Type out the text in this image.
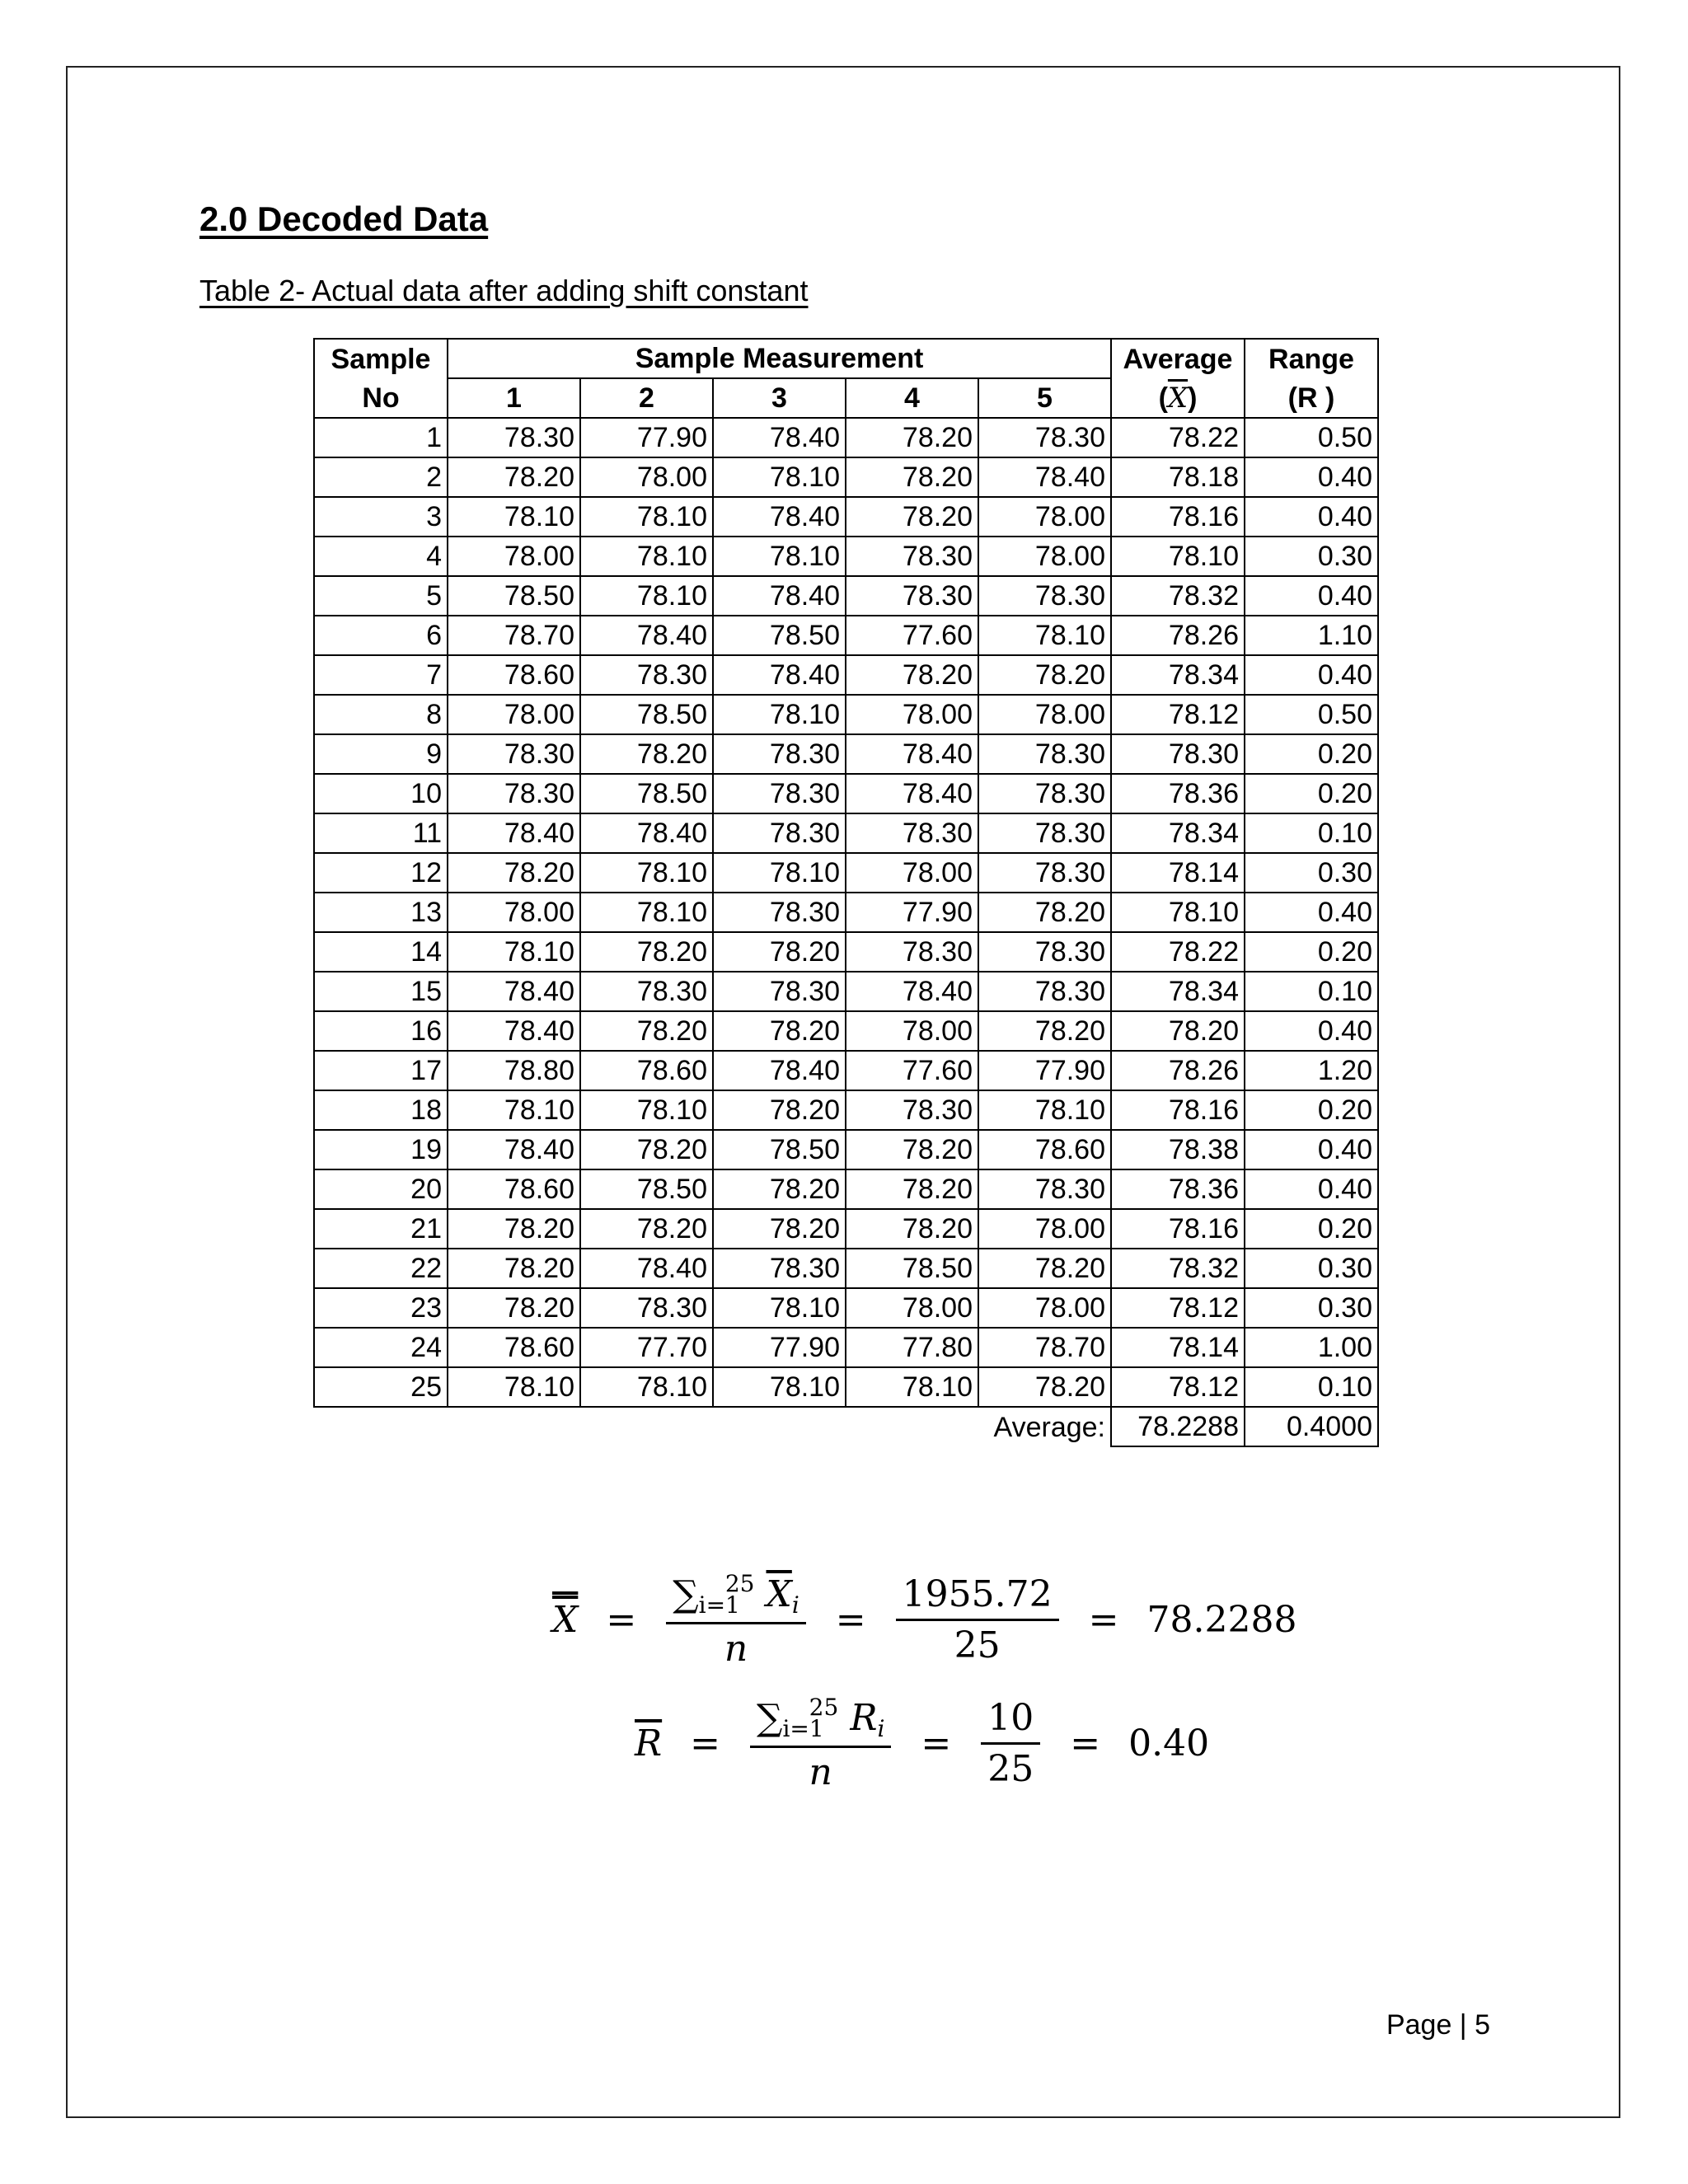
2.0 Decoded Data
Table 2- Actual data after adding shift constant
Sample	Sample Measurement					Average	Range
No	1	2	3	4	5	$(\overline{X})$	(R )
1	78.30	77.90	78.40	78.20	78.30	78.22	0.50
2	78.20	78.00	78.10	78.20	78.40	78.18	0.40
3	78.10	78.10	78.40	78.20	78.00	78.16	0.40
4	78.00	78.10	78.10	78.30	78.00	78.10	0.30
5	78.50	78.10	78.40	78.30	78.30	78.32	0.40
6	78.70	78.40	78.50	77.60	78.10	78.26	1.10
7	78.60	78.30	78.40	78.20	78.20	78.34	0.40
8	78.00	78.50	78.10	78.00	78.00	78.12	0.50
9	78.30	78.20	78.30	78.40	78.30	78.30	0.20
10	78.30	78.50	78.30	78.40	78.30	78.36	0.20
11	78.40	78.40	78.30	78.30	78.30	78.34	0.10
12	78.20	78.10	78.10	78.00	78.30	78.14	0.30
13	78.00	78.10	78.30	77.90	78.20	78.10	0.40
14	78.10	78.20	78.20	78.30	78.30	78.22	0.20
15	78.40	78.30	78.30	78.40	78.30	78.34	0.10
16	78.40	78.20	78.20	78.00	78.20	78.20	0.40
17	78.80	78.60	78.40	77.60	77.90	78.26	1.20
18	78.10	78.10	78.20	78.30	78.10	78.16	0.20
19	78.40	78.20	78.50	78.20	78.60	78.38	0.40
20	78.60	78.50	78.20	78.20	78.30	78.36	0.40
21	78.20	78.20	78.20	78.20	78.00	78.16	0.20
22	78.20	78.40	78.30	78.50	78.20	78.32	0.30
23	78.20	78.30	78.10	78.00	78.00	78.12	0.30
24	78.60	77.70	77.90	77.80	78.70	78.14	1.00
25	78.10	78.10	78.10	78.10	78.20	78.12	0.10
					Average:	78.2288	0.4000
$X = \frac{\sum_{i=1}^{25} \overline{X}_i}{n} = \frac{1955.72}{25} = 78.2288$
$\overline{R} = \frac{\sum_{i=1}^{25} R_i}{n} = \frac{10}{25} = 0.40$
Page | 5
